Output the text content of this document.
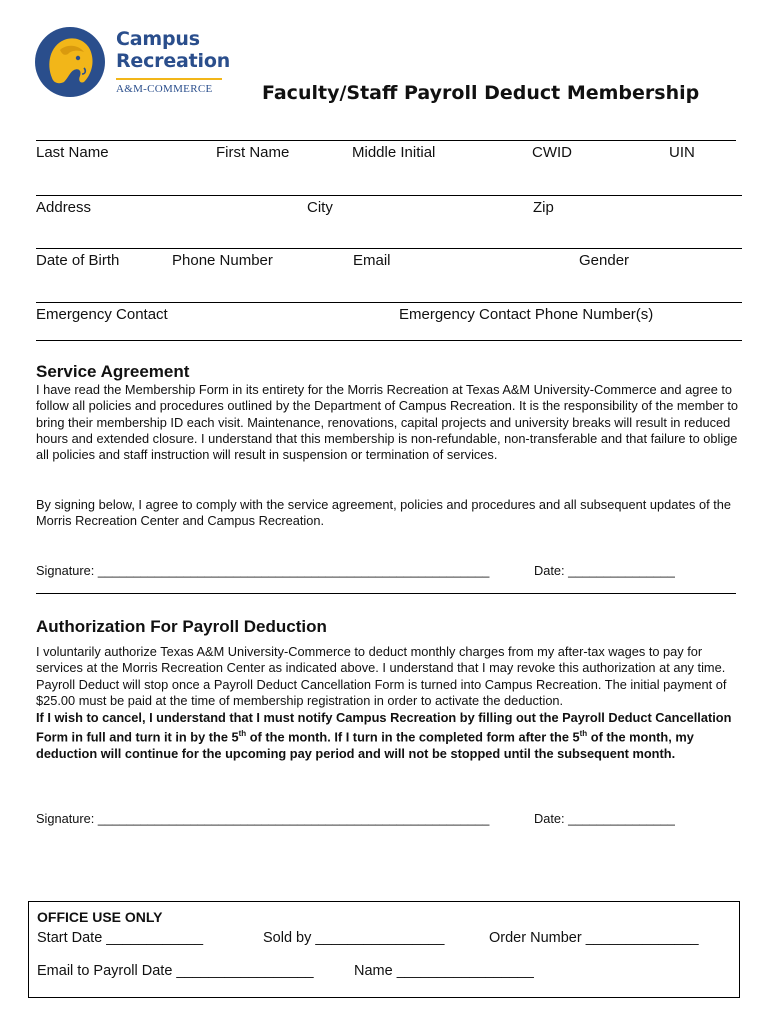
Campus
Recreation
A&M-COMMERCE	Faculty/Staff Payroll Deduct Membership
Last Name	First Name	Middle Initial	CWID	UIN
Address	City	Zip
Date of Birth	Phone Number	Email	Gender
Emergency Contact	Emergency Contact Phone Number(s)
Service Agreement

I have read the Membership Form in its entirety for the Morris Recreation at Texas A&M University-Commerce and agree to follow all policies and procedures outlined by the Department of Campus Recreation. It is the responsibility of the member to bring their membership ID each visit. Maintenance, renovations, capital projects and university breaks will result in reduced hours and extended closure. I understand that this membership is non-refundable, non-transferable and that failure to oblige all policies and staff instruction will result in suspension or termination of services.

By signing below, I agree to comply with the service agreement, policies and procedures and all subsequent updates of the Morris Recreation Center and Campus Recreation.

Signature: _______________________________________________________	Date: _______________
Authorization For Payroll Deduction

I voluntarily authorize Texas A&M University-Commerce to deduct monthly charges from my after-tax wages to pay for services at the Morris Recreation Center as indicated above. I understand that I may revoke this authorization at any time. Payroll Deduct will stop once a Payroll Deduct Cancellation Form is turned into Campus Recreation. The initial payment of $25.00 must be paid at the time of membership registration in order to activate the deduction.

If I wish to cancel, I understand that I must notify Campus Recreation by filling out the Payroll Deduct Cancellation Form in full and turn it in by the 5th of the month. If I turn in the completed form after the 5th of the month, my deduction will continue for the upcoming pay period and will not be stopped until the subsequent month.

Signature: _______________________________________________________	Date: _______________
OFFICE USE ONLY
Start Date ____________	Sold by ________________	Order Number ______________
Email to Payroll Date _________________	Name _________________
